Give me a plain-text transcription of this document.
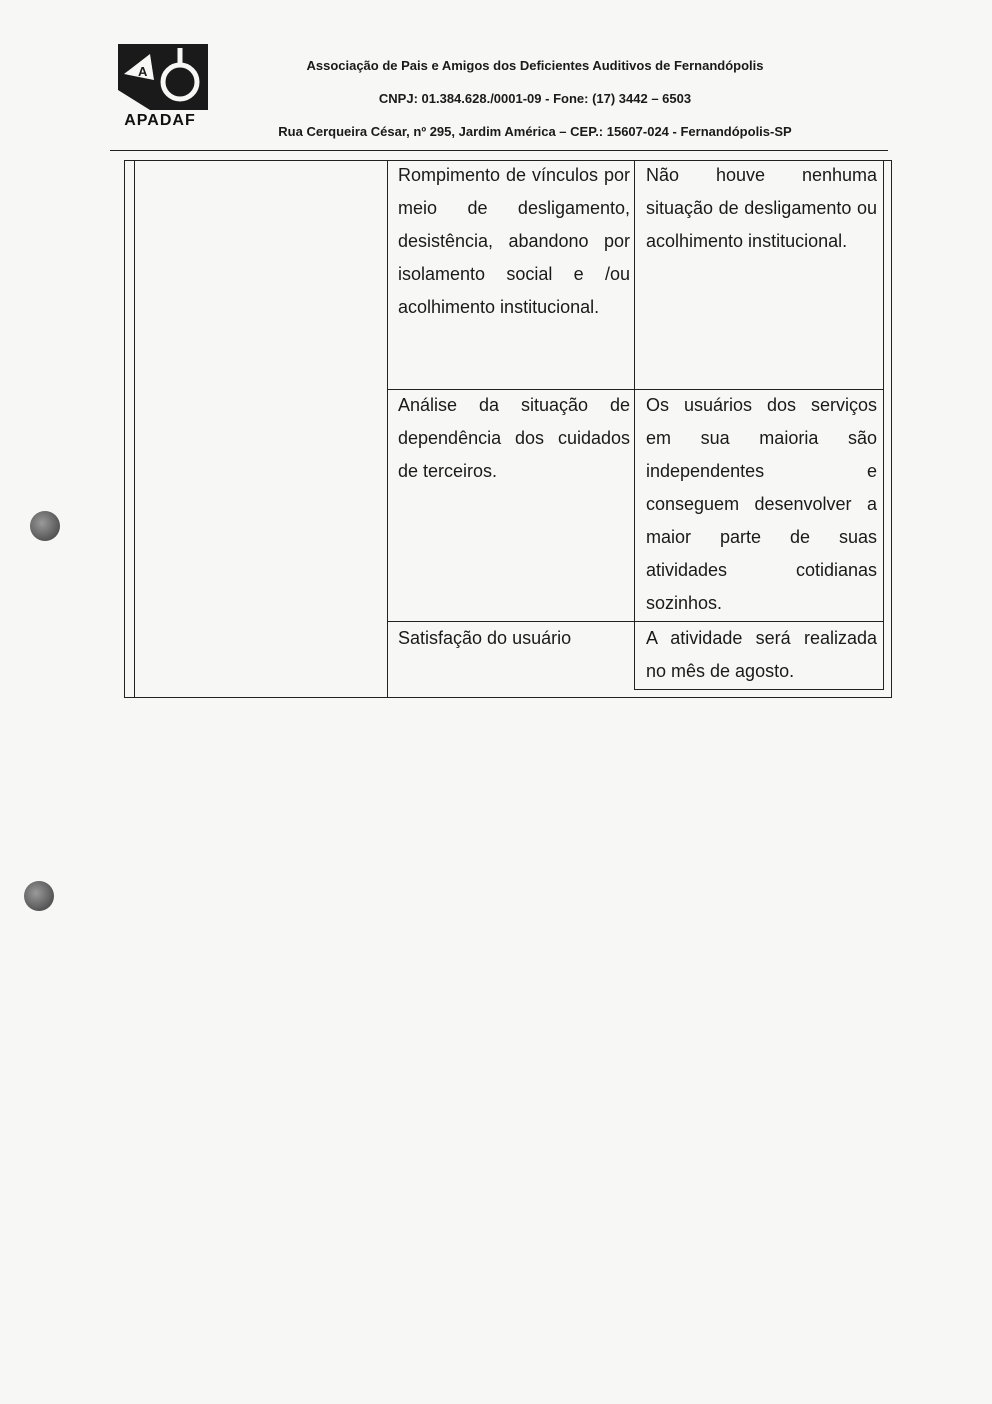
A
APADAF
Associação de Pais e Amigos dos Deficientes Auditivos de Fernandópolis
CNPJ: 01.384.628./0001-09 - Fone: (17) 3442 – 6503
Rua Cerqueira César, nº 295, Jardim América – CEP.: 15607-024 - Fernandópolis-SP
Rompimento de vínculos por meio de desligamento, desistência, abandono por isolamento social e /ou acolhimento institucional.
Não houve nenhuma situação de desligamento ou acolhimento institucional.
Análise da situação de dependência dos cuidados de terceiros.
Os usuários dos serviços em sua maioria são independentes e conseguem desenvolver a maior parte de suas atividades cotidianas sozinhos.
Satisfação do usuário	A atividade será realizada no mês de agosto.
